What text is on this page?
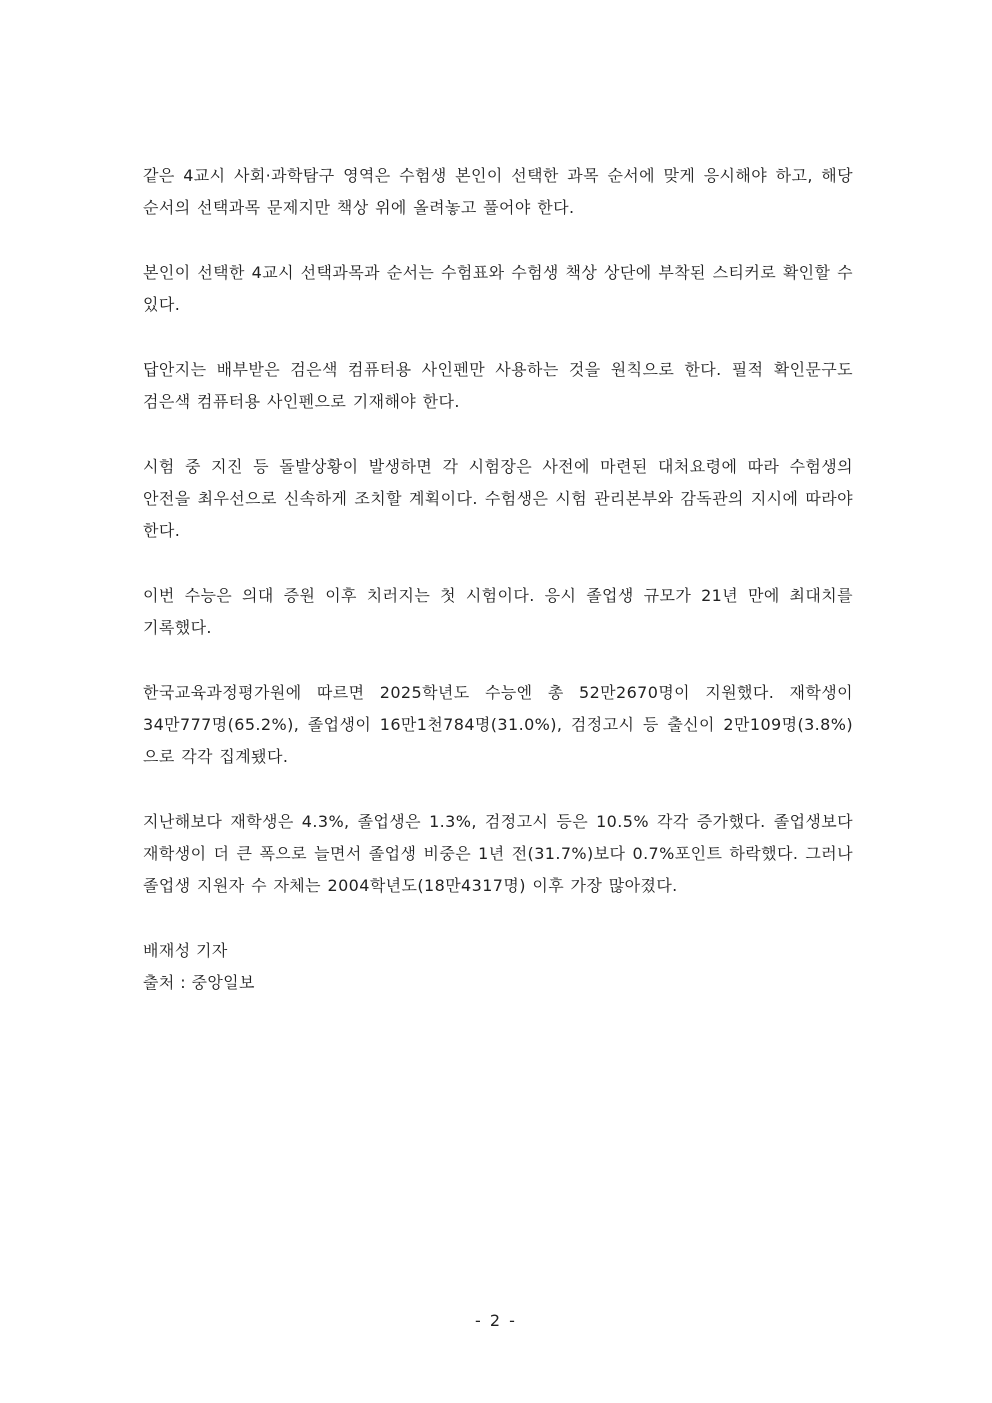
같은 4교시 사회·과학탐구 영역은 수험생 본인이 선택한 과목 순서에 맞게 응시해야 하고, 해당 순서의 선택과목 문제지만 책상 위에 올려놓고 풀어야 한다.

본인이 선택한 4교시 선택과목과 순서는 수험표와 수험생 책상 상단에 부착된 스티커로 확인할 수 있다.

답안지는 배부받은 검은색 컴퓨터용 사인펜만 사용하는 것을 원칙으로 한다. 필적 확인문구도 검은색 컴퓨터용 사인펜으로 기재해야 한다.

시험 중 지진 등 돌발상황이 발생하면 각 시험장은 사전에 마련된 대처요령에 따라 수험생의 안전을 최우선으로 신속하게 조치할 계획이다. 수험생은 시험 관리본부와 감독관의 지시에 따라야 한다.

이번 수능은 의대 증원 이후 치러지는 첫 시험이다. 응시 졸업생 규모가 21년 만에 최대치를 기록했다.

한국교육과정평가원에 따르면 2025학년도 수능엔 총 52만2670명이 지원했다. 재학생이 34만777명(65.2%), 졸업생이 16만1천784명(31.0%), 검정고시 등 출신이 2만109명(3.8%)으로 각각 집계됐다.

지난해보다 재학생은 4.3%, 졸업생은 1.3%, 검정고시 등은 10.5% 각각 증가했다. 졸업생보다 재학생이 더 큰 폭으로 늘면서 졸업생 비중은 1년 전(31.7%)보다 0.7%포인트 하락했다. 그러나 졸업생 지원자 수 자체는 2004학년도(18만4317명) 이후 가장 많아졌다.

배재성 기자

출처 : 중앙일보

- 2 -
